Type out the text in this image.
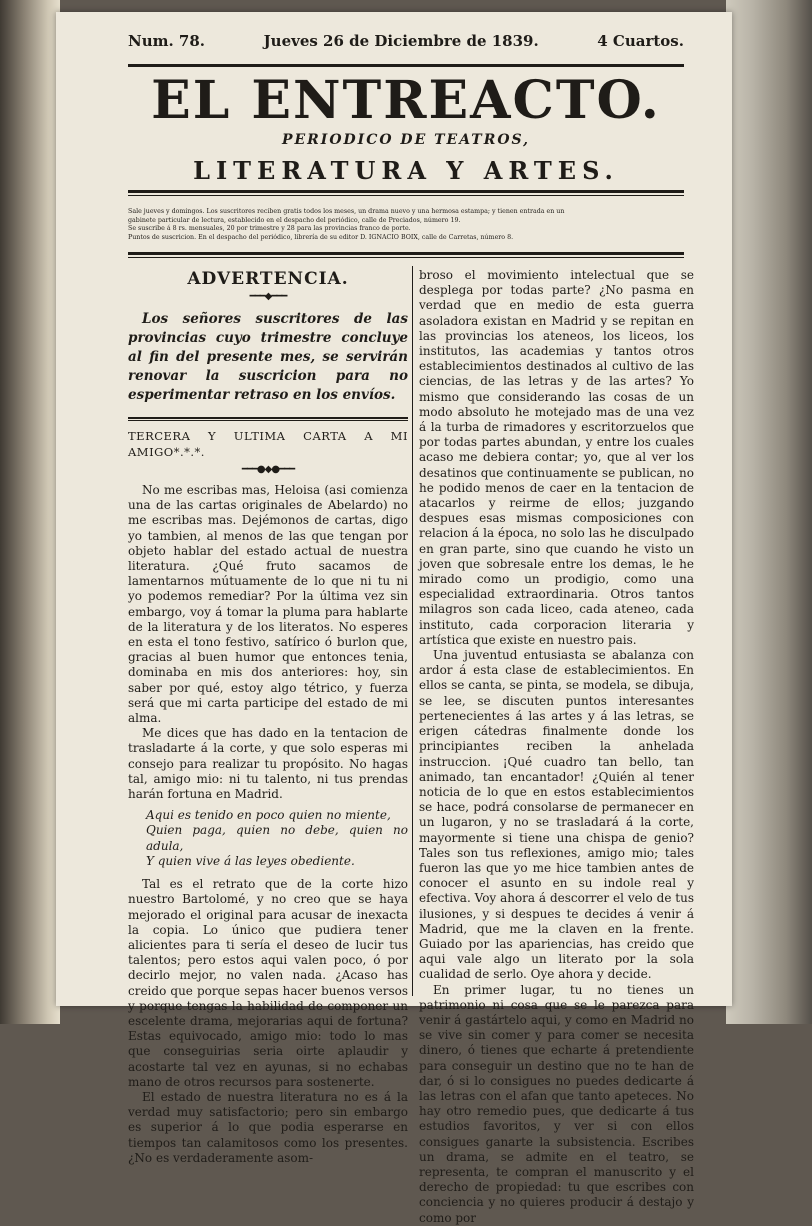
Num. 78.	Jueves 26 de Diciembre de 1839.	4 Cuartos.
EL ENTREACTO.
PERIODICO DE TEATROS,
LITERATURA Y ARTES.
Sale jueves y domingos. Los suscritores reciben gratis todos los meses, un drama nuevo y una hermosa estampa; y tienen entrada en un
gabinete particular de lectura, establecido en el despacho del periódico, calle de Preciados, número 19.
Se suscribe á 8 rs. mensuales, 20 por trimestre y 28 para las provincias franco de porte.
Puntos de suscricion. En el despacho del periódico, librería de su editor D. IGNACIO BOIX, calle de Carretas, número 8.
ADVERTENCIA.
━━━◆━━━

Los señores suscritores de las provincias cuyo trimestre concluye al fin del presente mes, se servirán renovar la suscricion para no esperimentar retraso en los envíos.

TERCERA Y ULTIMA CARTA A MI AMIGO*.*.*.
━━━●◆●━━━

No me escribas mas, Heloisa (asi comienza una de las cartas originales de Abelardo) no me escribas mas. Dejémonos de cartas, digo yo tambien, al menos de las que tengan por objeto hablar del estado actual de nuestra literatura. ¿Qué fruto sacamos de lamentarnos mútuamente de lo que ni tu ni yo podemos remediar? Por la última vez sin embargo, voy á tomar la pluma para hablarte de la literatura y de los literatos. No esperes en esta el tono festivo, satírico ó burlon que, gracias al buen humor que entonces tenia, dominaba en mis dos anteriores: hoy, sin saber por qué, estoy algo tétrico, y fuerza será que mi carta participe del estado de mi alma.

Me dices que has dado en la tentacion de trasladarte á la corte, y que solo esperas mi consejo para realizar tu propósito. No hagas tal, amigo mio: ni tu talento, ni tus prendas harán fortuna en Madrid.

Aqui es tenido en poco quien no miente,
Quien paga, quien no debe, quien no adula,
Y quien vive á las leyes obediente.

Tal es el retrato que de la corte hizo nuestro Bartolomé, y no creo que se haya mejorado el original para acusar de inexacta la copia. Lo único que pudiera tener alicientes para ti sería el deseo de lucir tus talentos; pero estos aqui valen poco, ó por decirlo mejor, no valen nada. ¿Acaso has creido que porque sepas hacer buenos versos y porque tengas la habilidad de componer un escelente drama, mejorarias aqui de fortuna? Estas equivocado, amigo mio: todo lo mas que conseguirias seria oirte aplaudir y acostarte tal vez en ayunas, si no echabas mano de otros recursos para sostenerte.

El estado de nuestra literatura no es á la verdad muy satisfactorio; pero sin embargo es superior á lo que podia esperarse en tiempos tan calamitosos como los presentes. ¿No es verdaderamente asom-

broso el movimiento intelectual que se desplega por todas parte? ¿No pasma en verdad que en medio de esta guerra asoladora existan en Madrid y se repitan en las provincias los ateneos, los liceos, los institutos, las academias y tantos otros establecimientos destinados al cultivo de las ciencias, de las letras y de las artes? Yo mismo que considerando las cosas de un modo absoluto he motejado mas de una vez á la turba de rimadores y escritorzuelos que por todas partes abundan, y entre los cuales acaso me debiera contar; yo, que al ver los desatinos que continuamente se publican, no he podido menos de caer en la tentacion de atacarlos y reirme de ellos; juzgando despues esas mismas composiciones con relacion á la época, no solo las he disculpado en gran parte, sino que cuando he visto un joven que sobresale entre los demas, le he mirado como un prodigio, como una especialidad extraordinaria. Otros tantos milagros son cada liceo, cada ateneo, cada instituto, cada corporacion literaria y artística que existe en nuestro pais.

Una juventud entusiasta se abalanza con ardor á esta clase de establecimientos. En ellos se canta, se pinta, se modela, se dibuja, se lee, se discuten puntos interesantes pertenecientes á las artes y á las letras, se erigen cátedras finalmente donde los principiantes reciben la anhelada instruccion. ¡Qué cuadro tan bello, tan animado, tan encantador! ¿Quién al tener noticia de lo que en estos establecimientos se hace, podrá consolarse de permanecer en un lugaron, y no se trasladará á la corte, mayormente si tiene una chispa de genio? Tales son tus reflexiones, amigo mio; tales fueron las que yo me hice tambien antes de conocer el asunto en su indole real y efectiva. Voy ahora á descorrer el velo de tus ilusiones, y si despues te decides á venir á Madrid, que me la claven en la frente. Guiado por las apariencias, has creido que aqui vale algo un literato por la sola cualidad de serlo. Oye ahora y decide.

En primer lugar, tu no tienes un patrimonio ni cosa que se le parezca para venir á gastártelo aqui, y como en Madrid no se vive sin comer y para comer se necesita dinero, ó tienes que echarte á pretendiente para conseguir un destino que no te han de dar, ó si lo consigues no puedes dedicarte á las letras con el afan que tanto apeteces. No hay otro remedio pues, que dedicarte á tus estudios favoritos, y ver si con ellos consigues ganarte la subsistencia. Escribes un drama, se admite en el teatro, se representa, te compran el manuscrito y el derecho de propiedad: tu que escribes con conciencia y no quieres producir á destajo y como por
